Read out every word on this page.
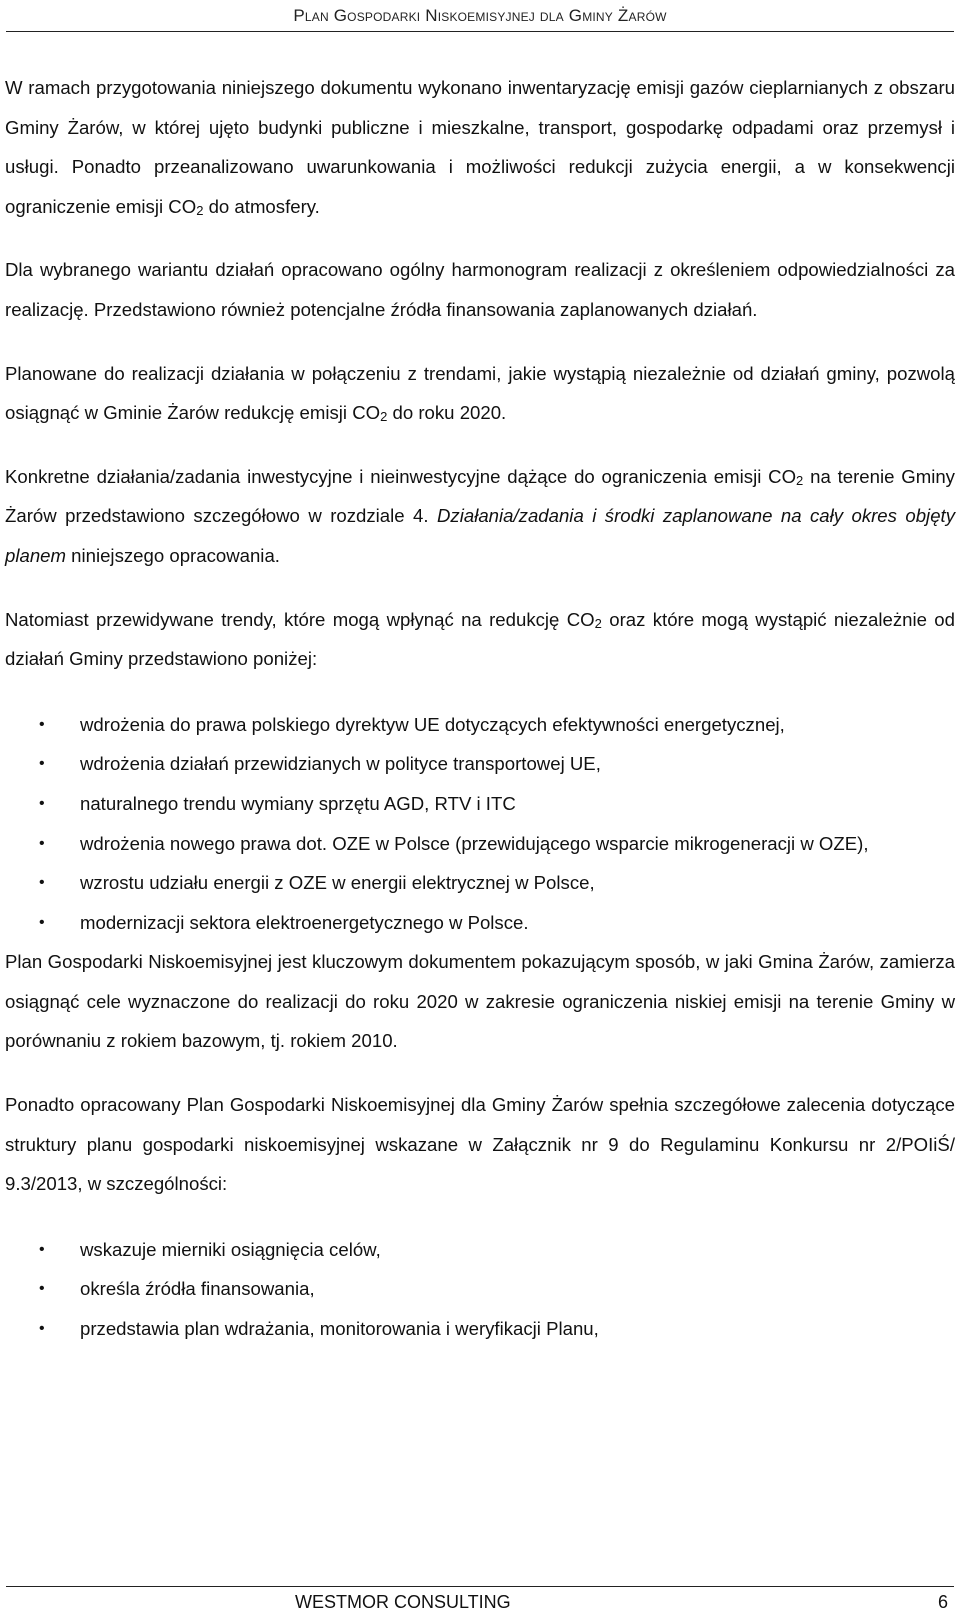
Plan Gospodarki Niskoemisyjnej dla Gminy Żarów

W ramach przygotowania niniejszego dokumentu wykonano inwentaryzację emisji gazów cieplarnianych z obszaru Gminy Żarów, w której ujęto budynki publiczne i mieszkalne, transport, gospodarkę odpadami oraz przemysł i usługi. Ponadto przeanalizowano uwarunkowania i możliwości redukcji zużycia energii, a w konsekwencji ograniczenie emisji $CO_2$ do atmosfery.

Dla wybranego wariantu działań opracowano ogólny harmonogram realizacji z określeniem odpowiedzialności za realizację. Przedstawiono również potencjalne źródła finansowania zaplanowanych działań.

Planowane do realizacji działania w połączeniu z trendami, jakie wystąpią niezależnie od działań gminy, pozwolą osiągnąć w Gminie Żarów redukcję emisji $CO_2$ do roku 2020.

Konkretne działania/zadania inwestycyjne i nieinwestycyjne dążące do ograniczenia emisji $CO_2$ na terenie Gminy Żarów przedstawiono szczegółowo w rozdziale 4. Działania/zadania i środki zaplanowane na cały okres objęty planem niniejszego opracowania.

Natomiast przewidywane trendy, które mogą wpłynąć na redukcję $CO_2$ oraz które mogą wystąpić niezależnie od działań Gminy przedstawiono poniżej:

• wdrożenia do prawa polskiego dyrektyw UE dotyczących efektywności energetycznej,
• wdrożenia działań przewidzianych w polityce transportowej UE,
• naturalnego trendu wymiany sprzętu AGD, RTV i ITC
• wdrożenia nowego prawa dot. OZE w Polsce (przewidującego wsparcie mikrogeneracji w OZE),
• wzrostu udziału energii z OZE w energii elektrycznej w Polsce,
• modernizacji sektora elektroenergetycznego w Polsce.

Plan Gospodarki Niskoemisyjnej jest kluczowym dokumentem pokazującym sposób, w jaki Gmina Żarów, zamierza osiągnąć cele wyznaczone do realizacji do roku 2020 w zakresie ograniczenia niskiej emisji na terenie Gminy w porównaniu z rokiem bazowym, tj. rokiem 2010.

Ponadto opracowany Plan Gospodarki Niskoemisyjnej dla Gminy Żarów spełnia szczegółowe zalecenia dotyczące struktury planu gospodarki niskoemisyjnej wskazane w Załącznik nr 9 do Regulaminu Konkursu nr 2/POIiŚ/ 9.3/2013, w szczególności:

• wskazuje mierniki osiągnięcia celów,
• określa źródła finansowania,
• przedstawia plan wdrażania, monitorowania i weryfikacji Planu,
WESTMOR CONSULTING	6
